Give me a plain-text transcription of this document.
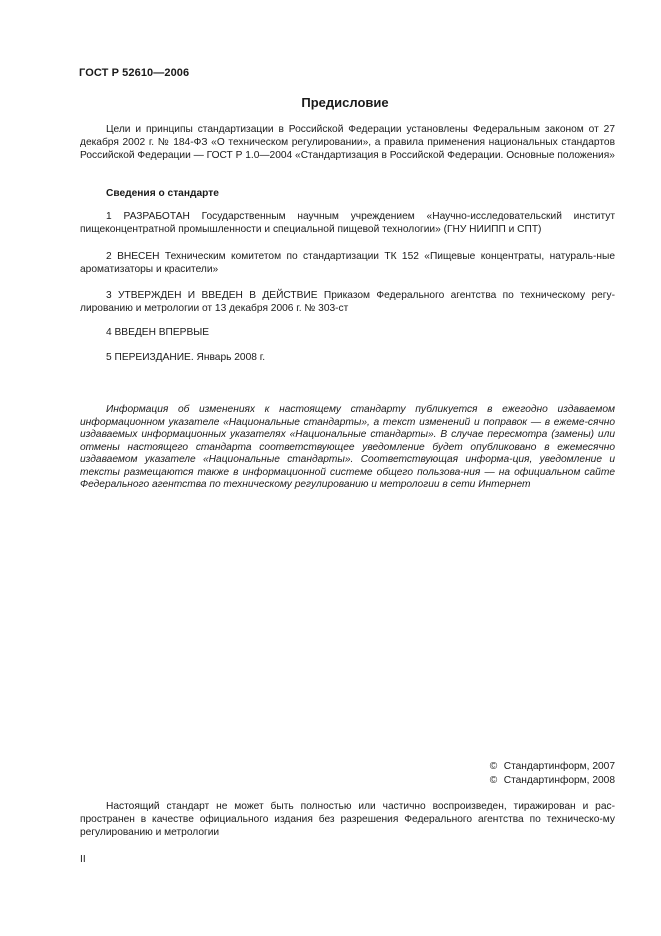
ГОСТ Р 52610—2006
Предисловие
Цели и принципы стандартизации в Российской Федерации установлены Федеральным законом от 27 декабря 2002 г. № 184-ФЗ «О техническом регулировании», а правила применения национальных стандартов Российской Федерации — ГОСТ Р 1.0—2004 «Стандартизация в Российской Федерации. Основные положения»
Сведения о стандарте
1 РАЗРАБОТАН Государственным научным учреждением «Научно-исследовательский институт пищеконцентратной промышленности и специальной пищевой технологии» (ГНУ НИИПП и СПТ)
2 ВНЕСЕН Техническим комитетом по стандартизации ТК 152 «Пищевые концентраты, натураль-ные ароматизаторы и красители»
3 УТВЕРЖДЕН И ВВЕДЕН В ДЕЙСТВИЕ Приказом Федерального агентства по техническому регу-лированию и метрологии от 13 декабря 2006 г. № 303-ст
4 ВВЕДЕН ВПЕРВЫЕ
5 ПЕРЕИЗДАНИЕ. Январь 2008 г.
Информация об изменениях к настоящему стандарту публикуется в ежегодно издаваемом информационном указателе «Национальные стандарты», а текст изменений и поправок — в ежеме-сячно издаваемых информационных указателях «Национальные стандарты». В случае пересмотра (замены) или отмены настоящего стандарта соответствующее уведомление будет опубликовано в ежемесячно издаваемом указателе «Национальные стандарты». Соответствующая информа-ция, уведомление и тексты размещаются также в информационной системе общего пользова-ния — на официальном сайте Федерального агентства по техническому регулированию и метрологии в сети Интернет
© Стандартинформ, 2007
© Стандартинформ, 2008
Настоящий стандарт не может быть полностью или частично воспроизведен, тиражирован и рас-пространен в качестве официального издания без разрешения Федерального агентства по техническо-му регулированию и метрологии
II
